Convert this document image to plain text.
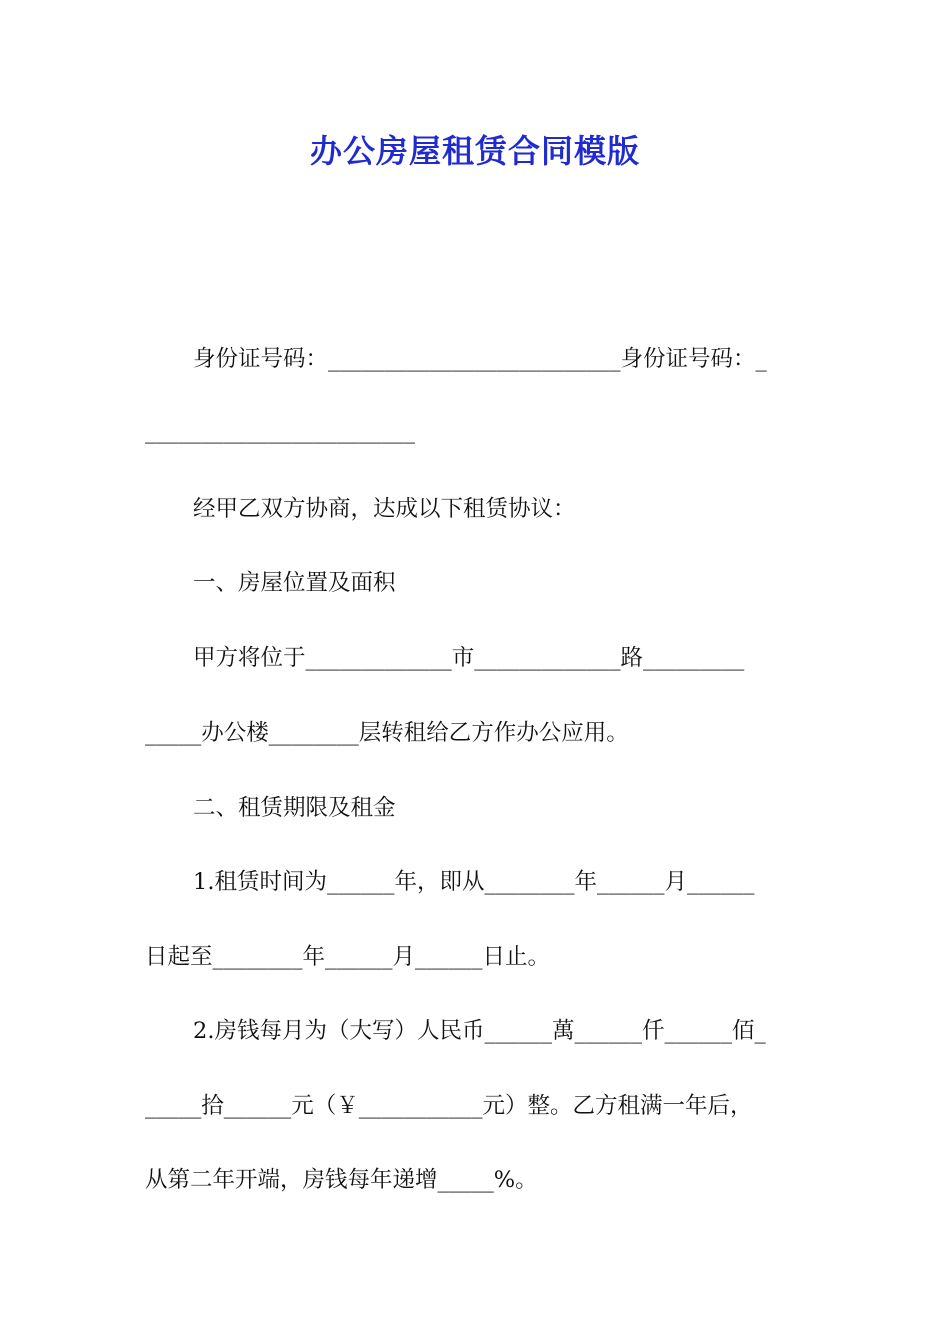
办公房屋租赁合同模版
身份证号码：__________________________身份证号码：_
________________________
经甲乙双方协商，达成以下租赁协议：
一、房屋位置及面积
甲方将位于_____________市_____________路_________
_____办公楼________层转租给乙方作办公应用。
二、租赁期限及租金
1.租赁时间为______年，即从________年______月______
日起至________年______月______日止。
2.房钱每月为（大写）人民币______萬______仟______佰_
_____拾______元（￥___________元）整。乙方租满一年后，
从第二年开端，房钱每年递增_____%。
